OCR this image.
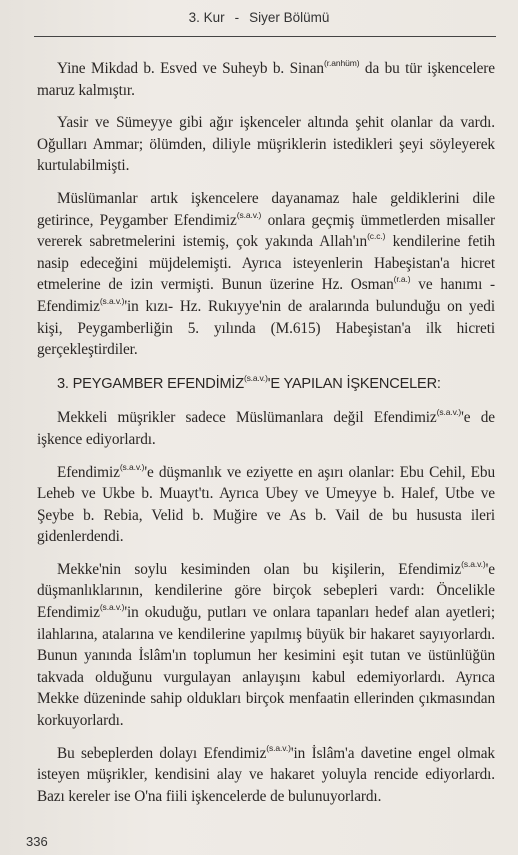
3. Kur - Siyer Bölümü

Yine Mikdad b. Esved ve Suheyb b. Sinan$^{(r.anhüm)}$ da bu tür işkencelere maruz kalmıştır.

Yasir ve Sümeyye gibi ağır işkenceler altında şehit olanlar da vardı. Oğulları Ammar; ölümden, diliyle müşriklerin istedikleri şeyi söyleyerek kurtulabilmişti.

Müslümanlar artık işkencelere dayanamaz hale geldiklerini dile getirince, Peygamber Efendimiz$^{(s.a.v.)}$ onlara geçmiş ümmetlerden misaller vererek sabretmelerini istemiş, çok yakında $Allah'ın^{(c.c.)}$ kendilerine fetih nasip edeceğini müjdelemişti. Ayrıca isteyenlerin Habeşistan'a hicret etmelerine de izin vermişti. Bunun üzerine Hz. Osman$^{(r.a.)}$ ve hanımı -Efendimiz$^{(s.a.v.)}$'in kızı- Hz. Rukıyye'nin de aralarında bulunduğu on yedi kişi, Peygamberliğin 5. yılında (M.615) Habeşistan'a ilk hicreti gerçekleştirdiler.

3. PEYGAMBER $EFENDİMİZ^{(s.a.v.)}'E$ YAPILAN İŞKENCELER:

Mekkeli müşrikler sadece Müslümanlara değil Efendimiz$^{(s.a.v.)}$'e de işkence ediyorlardı.

Efendimiz$^{(s.a.v.)}$'e düşmanlık ve eziyette en aşırı olanlar: Ebu Cehil, Ebu Leheb ve Ukbe b. Muayt'tı. Ayrıca Ubey ve Umeyye b. Halef, Utbe ve Şeybe b. Rebia, Velid b. Muğire ve As b. Vail de bu hususta ileri gidenlerdendi.

Mekke'nin soylu kesiminden olan bu kişilerin, Efendimiz$^{(s.a.v.)}$'e düşmanlıklarının, kendilerine göre birçok sebepleri vardı: Öncelikle Efendimiz$^{(s.a.v.)}$'in okuduğu, putları ve onlara tapanları hedef alan ayetleri; ilahlarına, atalarına ve kendilerine yapılmış büyük bir hakaret sayıyorlardı. Bunun yanında İslâm'ın toplumun her kesimini eşit tutan ve üstünlüğün takvada olduğunu vurgulayan anlayışını kabul edemiyorlardı. Ayrıca Mekke düzeninde sahip oldukları birçok menfaatin ellerinden çıkmasından korkuyorlardı.

Bu sebeplerden dolayı Efendimiz$^{(s.a.v.)}$'in İslâm'a davetine engel olmak isteyen müşrikler, kendisini alay ve hakaret yoluyla rencide ediyorlardı. Bazı kereler ise O'na fiili işkencelerde de bulunuyorlardı.

336
